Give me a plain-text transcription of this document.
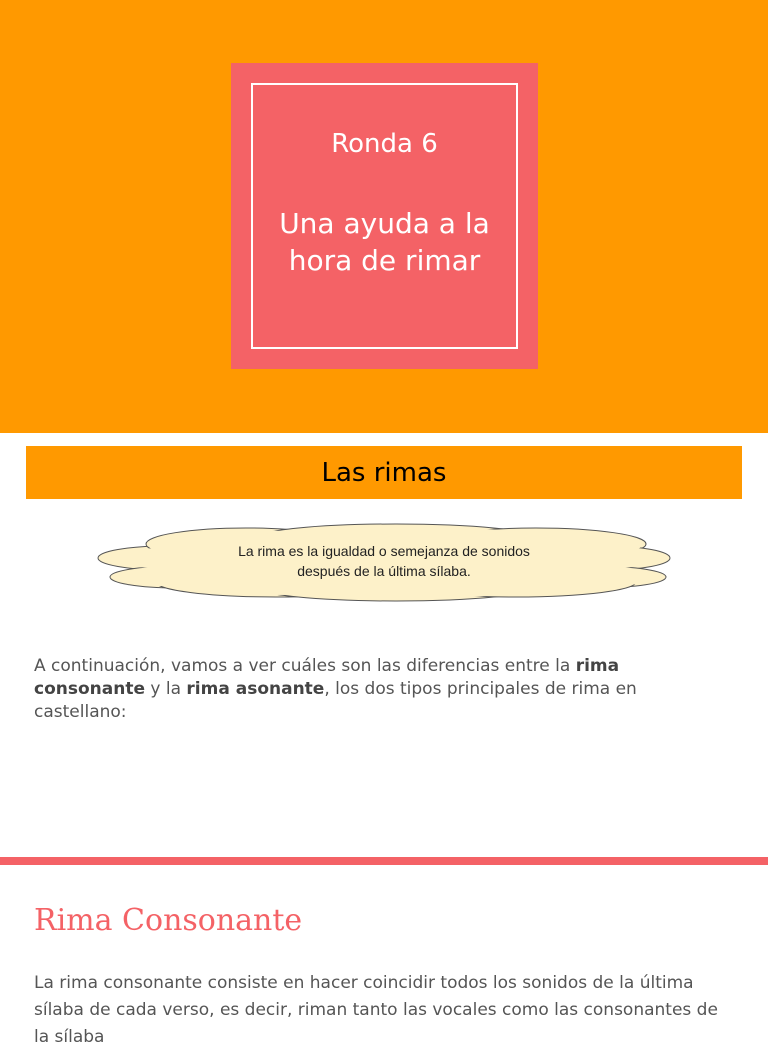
Ronda 6
Una ayuda a la
hora de rimar
Las rimas
La rima es la igualdad o semejanza de sonidos
después de la última sílaba.

A continuación, vamos a ver cuáles son las diferencias entre la rima consonante y la rima asonante, los dos tipos principales de rima en castellano:

Rima Consonante

La rima consonante consiste en hacer coincidir todos los sonidos de la última sílaba de cada verso, es decir, riman tanto las vocales como las consonantes de la sílaba
